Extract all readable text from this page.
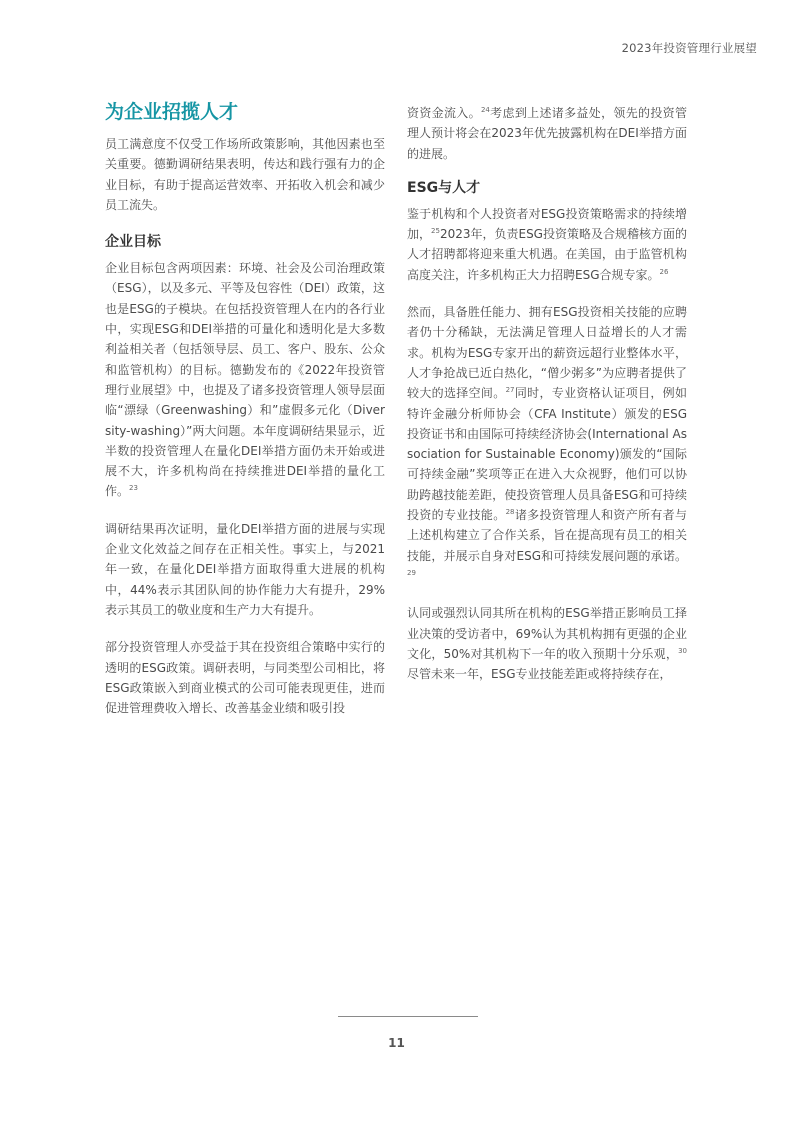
2023年投资管理行业展望
为企业招揽人才

员工满意度不仅受工作场所政策影响，其他因素也至关重要。德勤调研结果表明，传达和践行强有力的企业目标，有助于提高运营效率、开拓收入机会和减少员工流失。

企业目标

企业目标包含两项因素：环境、社会及公司治理政策（ESG），以及多元、平等及包容性（DEI）政策，这也是ESG的子模块。在包括投资管理人在内的各行业中，实现ESG和DEI举措的可量化和透明化是大多数利益相关者（包括领导层、员工、客户、股东、公众和监管机构）的目标。德勤发布的《2022年投资管理行业展望》中，也提及了诸多投资管理人领导层面临“漂绿（Greenwashing）和”虚假多元化（Diversity-washing）”两大问题。本年度调研结果显示，近半数的投资管理人在量化DEI举措方面仍未开始或进展不大，许多机构尚在持续推进DEI举措的量化工作。$^{23}$

调研结果再次证明，量化DEI举措方面的进展与实现企业文化效益之间存在正相关性。事实上，与2021年一致，在量化DEI举措方面取得重大进展的机构中，44%表示其团队间的协作能力大有提升，29%表示其员工的敬业度和生产力大有提升。

部分投资管理人亦受益于其在投资组合策略中实行的透明的ESG政策。调研表明，与同类型公司相比，将ESG政策嵌入到商业模式的公司可能表现更佳，进而促进管理费收入增长、改善基金业绩和吸引投

资资金流入。$^{24}$考虑到上述诸多益处，领先的投资管理人预计将会在2023年优先披露机构在DEI举措方面的进展。

ESG与人才

鉴于机构和个人投资者对ESG投资策略需求的持续增加，$^{25}$2023年，负责ESG投资策略及合规稽核方面的人才招聘都将迎来重大机遇。在美国，由于监管机构高度关注，许多机构正大力招聘ESG合规专家。$^{26}$

然而，具备胜任能力、拥有ESG投资相关技能的应聘者仍十分稀缺，无法满足管理人日益增长的人才需求。机构为ESG专家开出的薪资远超行业整体水平，人才争抢战已近白热化，“僧少粥多”为应聘者提供了较大的选择空间。$^{27}$同时，专业资格认证项目，例如特许金融分析师协会（CFA Institute）颁发的ESG投资证书和由国际可持续经济协会(International Association for Sustainable Economy)颁发的“国际可持续金融”奖项等正在进入大众视野，他们可以协助跨越技能差距，使投资管理人员具备ESG和可持续投资的专业技能。$^{28}$诸多投资管理人和资产所有者与上述机构建立了合作关系，旨在提高现有员工的相关技能，并展示自身对ESG和可持续发展问题的承诺。$^{29}$

认同或强烈认同其所在机构的ESG举措正影响员工择业决策的受访者中，69%认为其机构拥有更强的企业文化，50%对其机构下一年的收入预期十分乐观，$^{30}$尽管未来一年，ESG专业技能差距或将持续存在，

11
